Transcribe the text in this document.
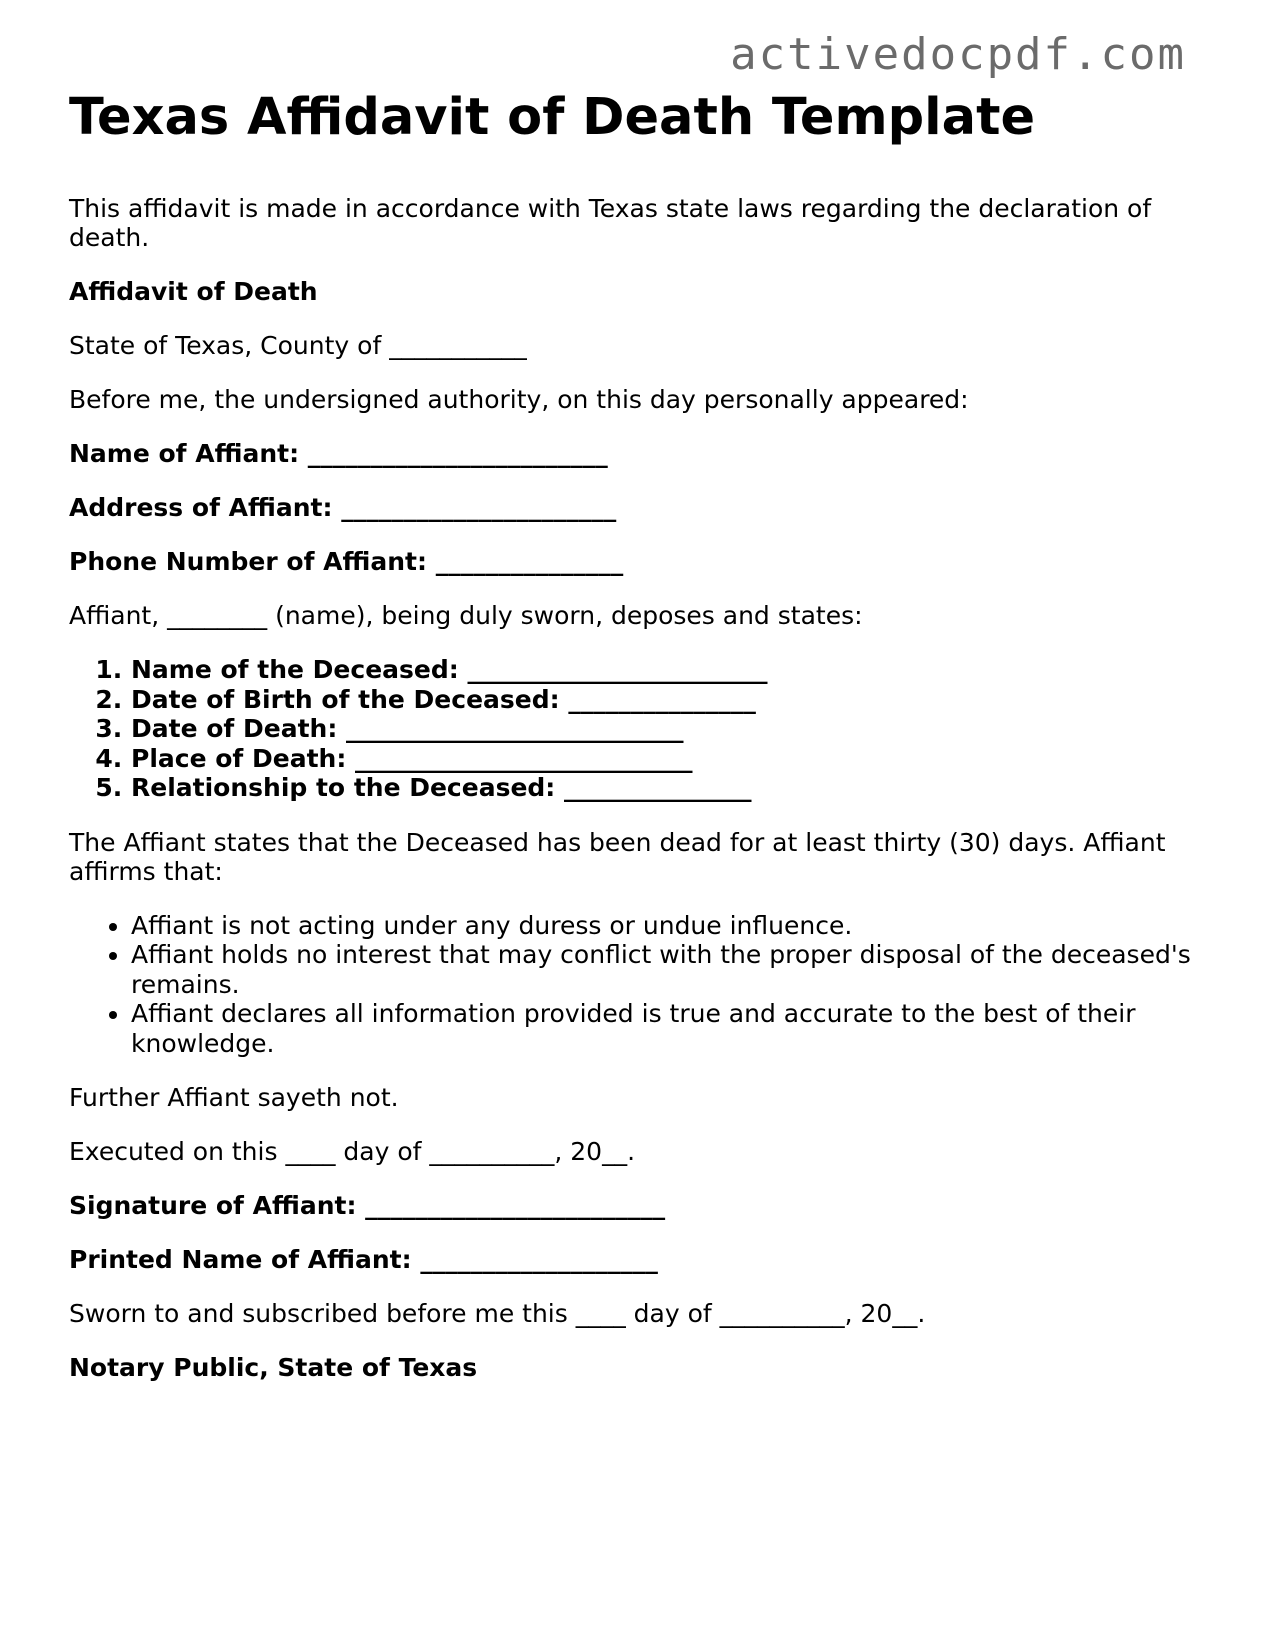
activedocpdf.com

Texas Affidavit of Death Template

This affidavit is made in accordance with Texas state laws regarding the declaration of death.

Affidavit of Death

State of Texas, County of ___________

Before me, the undersigned authority, on this day personally appeared:

Name of Affiant: ________________________

Address of Affiant: ______________________

Phone Number of Affiant: _______________

Affiant, ________ (name), being duly sworn, deposes and states:

1. Name of the Deceased: ________________________
2. Date of Birth of the Deceased: _______________
3. Date of Death: ___________________________
4. Place of Death: ___________________________
5. Relationship to the Deceased: _______________

The Affiant states that the Deceased has been dead for at least thirty (30) days. Affiant affirms that:

• Affiant is not acting under any duress or undue influence.
• Affiant holds no interest that may conflict with the proper disposal of the deceased's remains.
• Affiant declares all information provided is true and accurate to the best of their knowledge.

Further Affiant sayeth not.

Executed on this ____ day of __________, 20__.

Signature of Affiant: ________________________

Printed Name of Affiant: ___________________

Sworn to and subscribed before me this ____ day of __________, 20__.

Notary Public, State of Texas
